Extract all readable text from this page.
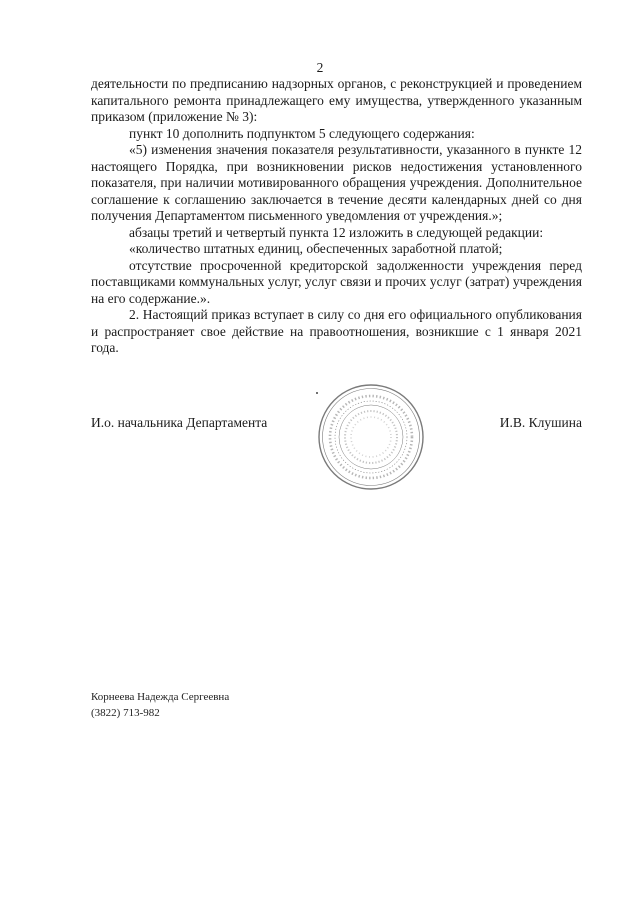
2

деятельности по предписанию надзорных органов, с реконструкцией и проведением капитального ремонта принадлежащего ему имущества, утвержденного указанным приказом (приложение № 3):

пункт 10 дополнить подпунктом 5 следующего содержания:

«5) изменения значения показателя результативности, указанного в пункте 12 настоящего Порядка, при возникновении рисков недостижения установленного показателя, при наличии мотивированного обращения учреждения. Дополнительное соглашение к соглашению заключается в течение десяти календарных дней со дня получения Департаментом письменного уведомления от учреждения.»;

абзацы третий и четвертый пункта 12 изложить в следующей редакции:

«количество штатных единиц, обеспеченных заработной платой;

отсутствие просроченной кредиторской задолженности учреждения перед поставщиками коммунальных услуг, услуг связи и прочих услуг (затрат) учреждения на его содержание.».

2. Настоящий приказ вступает в силу со дня его официального опубликования и распространяет свое действие на правоотношения, возникшие с 1 января 2021 года.

И.о. начальника Департамента	И.В. Клушина
Корнеева Надежда Сергеевна
(3822) 713-982
